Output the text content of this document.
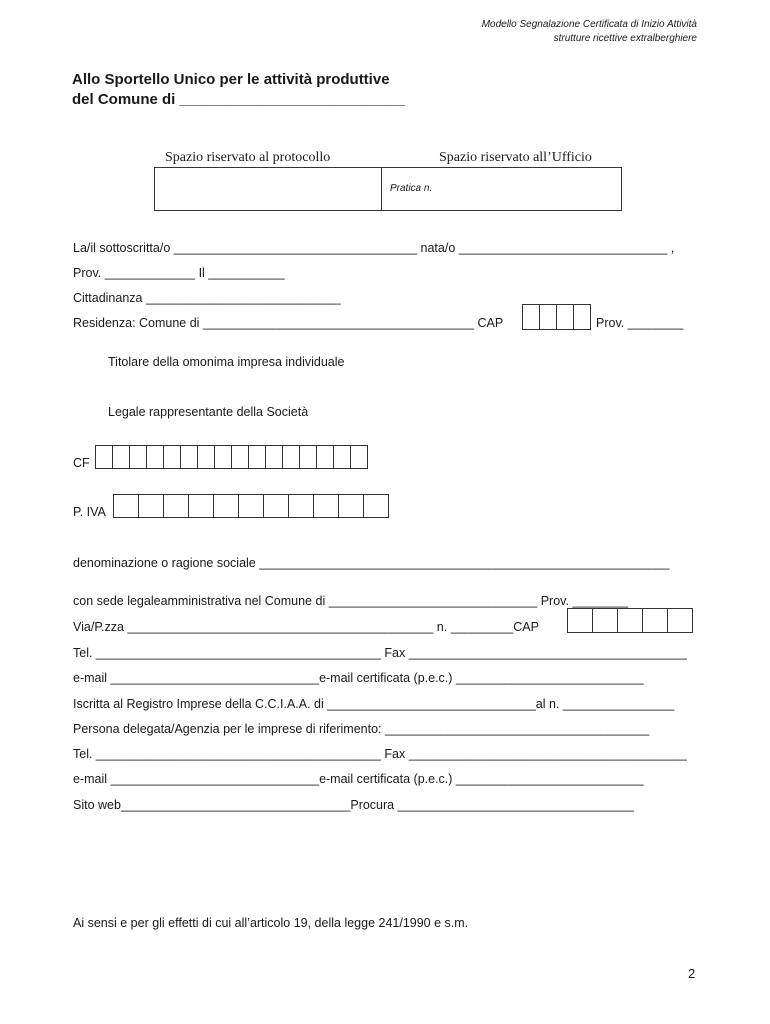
Modello Segnalazione Certificata di Inizio Attività
strutture ricettive extralberghiere
Allo Sportello Unico per le attività produttive
del Comune di ___________________________
Spazio riservato al protocollo	Spazio riservato all’Ufficio
Pratica n.
La/il sottoscritta/o ___________________________________ nata/o ______________________________ ,
Prov. _____________ Il ___________
Cittadinanza ____________________________
Residenza: Comune di _______________________________________ CAP	Prov. ________
Titolare della omonima impresa individuale
Legale rappresentante della Società
CF
P. IVA
denominazione o ragione sociale ___________________________________________________________
con sede legaleamministrativa nel Comune di ______________________________ Prov. ________
Via/P.zza ____________________________________________ n. _________CAP
Tel. _________________________________________ Fax ________________________________________
e-mail ______________________________e-mail certificata (p.e.c.) ___________________________
Iscritta al Registro Imprese della C.C.I.A.A. di ______________________________al n. ________________
Persona delegata/Agenzia per le imprese di riferimento: ______________________________________
Tel. _________________________________________ Fax ________________________________________
e-mail ______________________________e-mail certificata (p.e.c.) ___________________________
Sito web_________________________________Procura __________________________________
Ai sensi e per gli effetti di cui all’articolo 19, della legge 241/1990 e s.m.
2
